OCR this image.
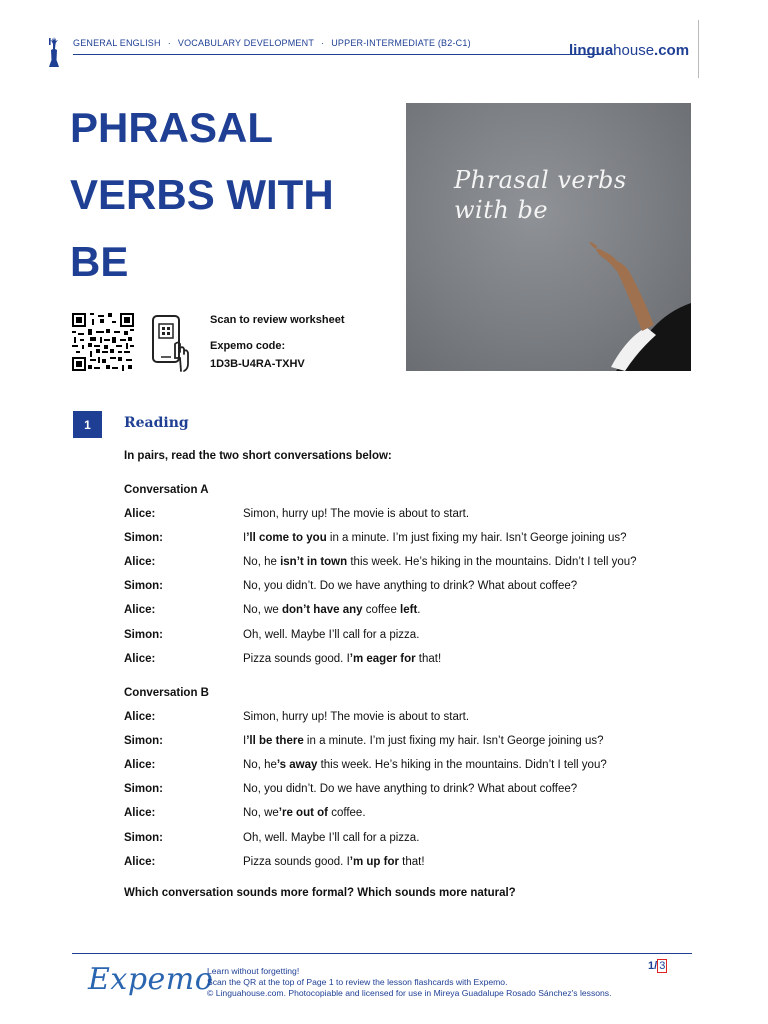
GENERAL ENGLISH · VOCABULARY DEVELOPMENT · UPPER-INTERMEDIATE (B2-C1)	linguahouse.com
PHRASAL
VERBS WITH
BE
Scan to review worksheet
Expemo code:
1D3B-U4RA-TXHV
Phrasal verbs
with be
1	Reading
In pairs, read the two short conversations below:
Conversation A
Alice:	Simon, hurry up! The movie is about to start.
Simon:	I’ll come to you in a minute. I’m just fixing my hair. Isn’t George joining us?
Alice:	No, he isn’t in town this week. He’s hiking in the mountains. Didn’t I tell you?
Simon:	No, you didn’t. Do we have anything to drink? What about coffee?
Alice:	No, we don’t have any coffee left.
Simon:	Oh, well. Maybe I’ll call for a pizza.
Alice:	Pizza sounds good. I’m eager for that!
Conversation B
Alice:	Simon, hurry up! The movie is about to start.
Simon:	I’ll be there in a minute. I’m just fixing my hair. Isn’t George joining us?
Alice:	No, he’s away this week. He’s hiking in the mountains. Didn’t I tell you?
Simon:	No, you didn’t. Do we have anything to drink? What about coffee?
Alice:	No, we’re out of coffee.
Simon:	Oh, well. Maybe I’ll call for a pizza.
Alice:	Pizza sounds good. I’m up for that!
Which conversation sounds more formal? Which sounds more natural?
Expemo
Learn without forgetting!
Scan the QR at the top of Page 1 to review the lesson flashcards with Expemo.
© Linguahouse.com. Photocopiable and licensed for use in Mireya Guadalupe Rosado Sánchez's lessons.
1/ 3
